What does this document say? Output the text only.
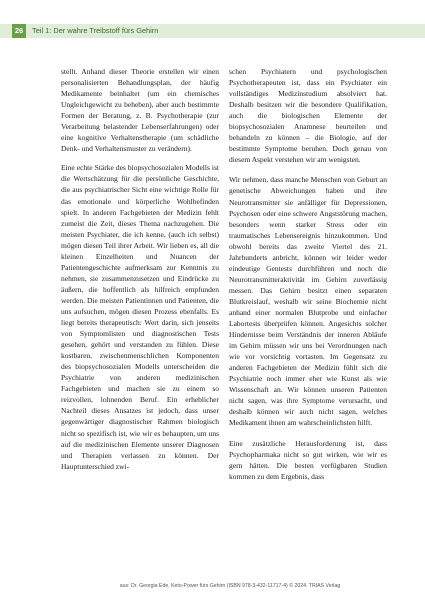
26	Teil 1: Der wahre Treibstoff fürs Gehirn

stellt. Anhand dieser Theorie erstellen wir einen personalisierten Behandlungsplan, der häufig Medikamente beinhaltet (um ein chemisches Ungleichgewicht zu beheben), aber auch bestimmte Formen der Beratung, z. B. Psychotherapie (zur Verarbeitung belastender Lebenserfahrungen) oder eine kognitive Verhaltenstherapie (um schädliche Denk- und Verhaltensmuster zu verändern).

Eine echte Stärke des biopsychosozialen Modells ist die Wertschätzung für die persönliche Geschichte, die aus psychiatrischer Sicht eine wichtige Rolle für das emotionale und körperliche Wohlbefinden spielt. In anderen Fachgebieten der Medizin fehlt zumeist die Zeit, dieses Thema nachzugehen. Die meisten Psychiater, die ich kenne, (auch ich selbst) mögen diesen Teil ihrer Arbeit. Wir lieben es, all die kleinen Einzelheiten und Nuancen der Patientengeschichte aufmerksam zur Kenntnis zu nehmen, sie zusammenzusetzen und Eindrücke zu äußern, die hoffentlich als hilfreich empfunden werden. Die meisten Patientinnen und Patienten, die uns aufsuchen, mögen diesen Prozess ebenfalls. Es liegt bereits therapeutisch: Wert darin, sich jenseits von Symptomlisten und diagnostischen Tests gesehen, gehört und verstanden zu fühlen. Diese kostbaren, zwischenmenschlichen Komponenten des biopsychosozialen Modells unterscheiden die Psychiatrie von anderen medizinischen Fachgebieten und machen sie zu einem so reizvollen, lohnenden Beruf. Ein erheblicher Nachteil dieses Ansatzes ist jedoch, dass unser gegenwärtiger diagnostischer Rahmen biologisch nicht so spezifisch ist, wie wir es behaupten, um uns auf die medizinischen Elemente unserer Diagnosen und Therapien verlassen zu können. Der Hauptunterschied zwi-

schen Psychiatern und psychologischen Psychotherapeuten ist, dass ein Psychiater ein vollständiges Medizinstudium absolviert hat. Deshalb besitzen wir die besondere Qualifikation, auch die biologischen Elemente der biopsychosozialen Anamnese beurteilen und behandeln zu können – die Biologie, auf der bestimmte Symptome beruhen. Doch genau von diesem Aspekt verstehen wir am wenigsten.

Wir nehmen, dass manche Menschen von Geburt an genetische Abweichungen haben und ihre Neurotransmitter sie anfälliger für Depressionen, Psychosen oder eine schwere Angststörung machen, besonders wenn starker Stress oder ein traumatisches Lebensereignis hinzukommen. Und obwohl bereits das zweite Viertel des 21. Jahrhunderts anbricht, können wir leider weder eindeutige Gentests durchführen und noch die Neurotransmitteraktivität im Gehirn zuverlässig messen. Das Gehirn besitzt einen separaten Blutkreislauf, weshalb wir seine Biochemie nicht anhand einer normalen Blutprobe und einfacher Labortests überprüfen können. Angesichts solcher Hindernisse beim Verständnis der inneren Abläufe im Gehirn müssen wir uns bei Verordnungen nach wie vor vorsichtig vortasten. Im Gegensatz zu anderen Fachgebieten der Medizin fühlt sich die Psychiatrie noch immer eher wie Kunst als wie Wissenschaft an. Wir können unseren Patienten nicht sagen, was ihre Symptome verursacht, und deshalb können wir auch nicht sagen, welches Medikament ihnen am wahrscheinlichsten hilft.

Eine zusätzliche Herausforderung ist, dass Psychopharmaka nicht so gut wirken, wie wir es gern hätten. Die besten verfügbaren Studien kommen zu dem Ergebnis, dass

aus: Dr. Georgia Ede, Keto-Power fürs Gehirn (ISBN 978-3-432-11717-4) © 2024. TRIAS Verlag
